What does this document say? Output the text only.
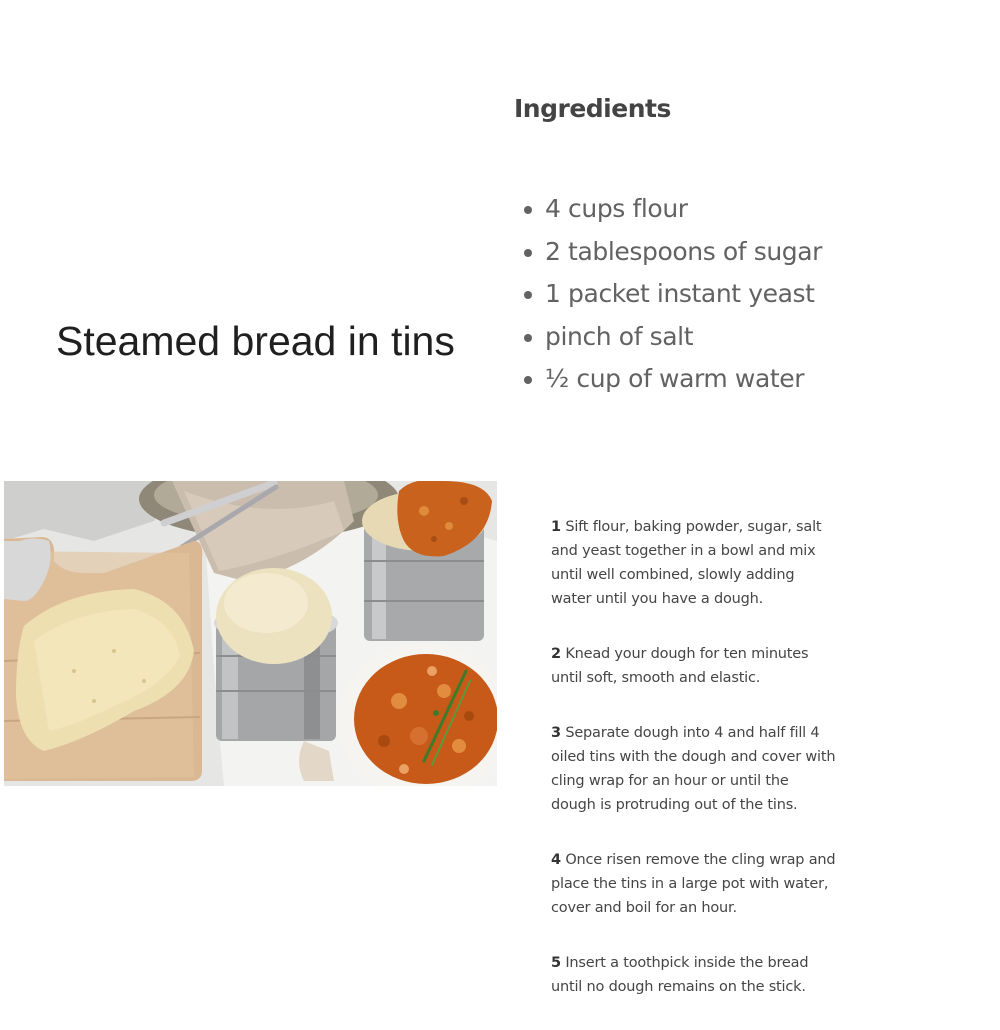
Steamed bread in tins
Ingredients
4 cups flour
2 tablespoons of sugar
1 packet instant yeast
pinch of salt
½ cup of warm water

1 Sift flour, baking powder, sugar, salt and yeast together in a bowl and mix until well combined, slowly adding water until you have a dough.

2 Knead your dough for ten minutes until soft, smooth and elastic.

3 Separate dough into 4 and half fill 4 oiled tins with the dough and cover with cling wrap for an hour or until the dough is protruding out of the tins.

4 Once risen remove the cling wrap and place the tins in a large pot with water, cover and boil for an hour.

5 Insert a toothpick inside the bread until no dough remains on the stick.
